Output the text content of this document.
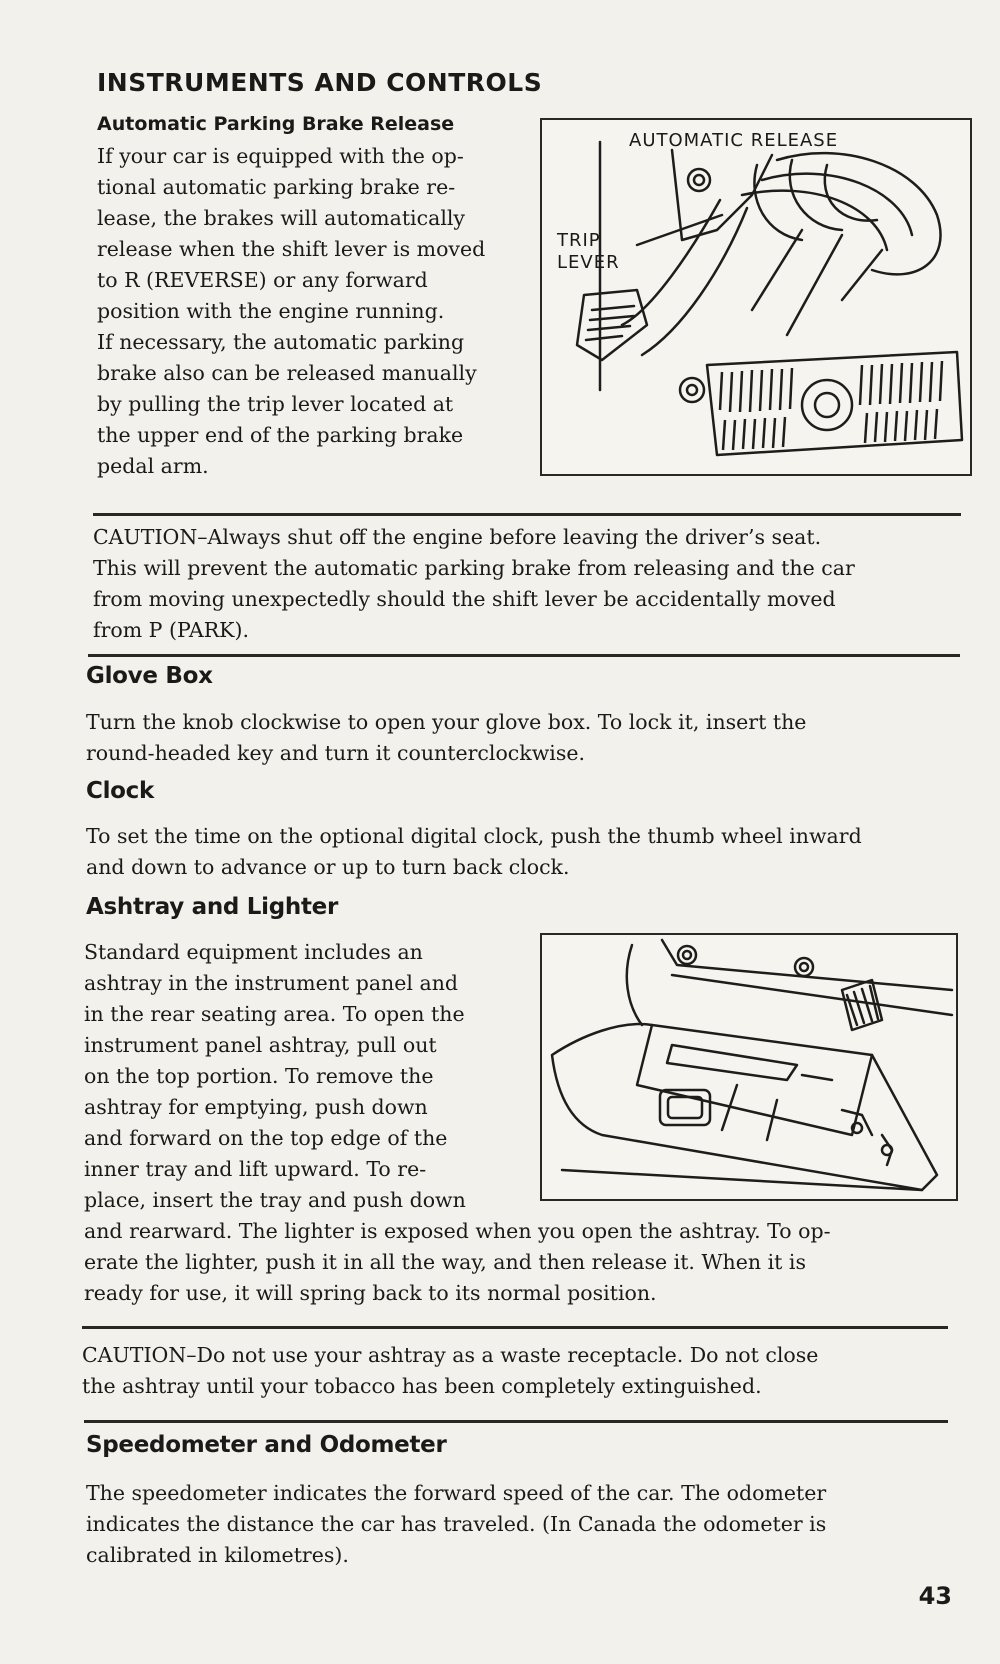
INSTRUMENTS AND CONTROLS
Automatic Parking Brake Release
If your car is equipped with the op-
tional automatic parking brake re-
lease, the brakes will automatically
release when the shift lever is moved
to R (REVERSE) or any forward
position with the engine running.
If necessary, the automatic parking
brake also can be released manually
by pulling the trip lever located at
the upper end of the parking brake
pedal arm.
AUTOMATIC RELEASE
TRIP
LEVER
CAUTION–Always shut off the engine before leaving the driver’s seat.
This will prevent the automatic parking brake from releasing and the car
from moving unexpectedly should the shift lever be accidentally moved
from P (PARK).
Glove Box
Turn the knob clockwise to open your glove box. To lock it, insert the
round-headed key and turn it counterclockwise.
Clock
To set the time on the optional digital clock, push the thumb wheel inward
and down to advance or up to turn back clock.
Ashtray and Lighter
Standard equipment includes an
ashtray in the instrument panel and
in the rear seating area. To open the
instrument panel ashtray, pull out
on the top portion. To remove the
ashtray for emptying, push down
and forward on the top edge of the
inner tray and lift upward. To re-
place, insert the tray and push down
and rearward. The lighter is exposed when you open the ashtray. To op-
erate the lighter, push it in all the way, and then release it. When it is
ready for use, it will spring back to its normal position.
CAUTION–Do not use your ashtray as a waste receptacle. Do not close
the ashtray until your tobacco has been completely extinguished.
Speedometer and Odometer
The speedometer indicates the forward speed of the car. The odometer
indicates the distance the car has traveled. (In Canada the odometer is
calibrated in kilometres).
43
